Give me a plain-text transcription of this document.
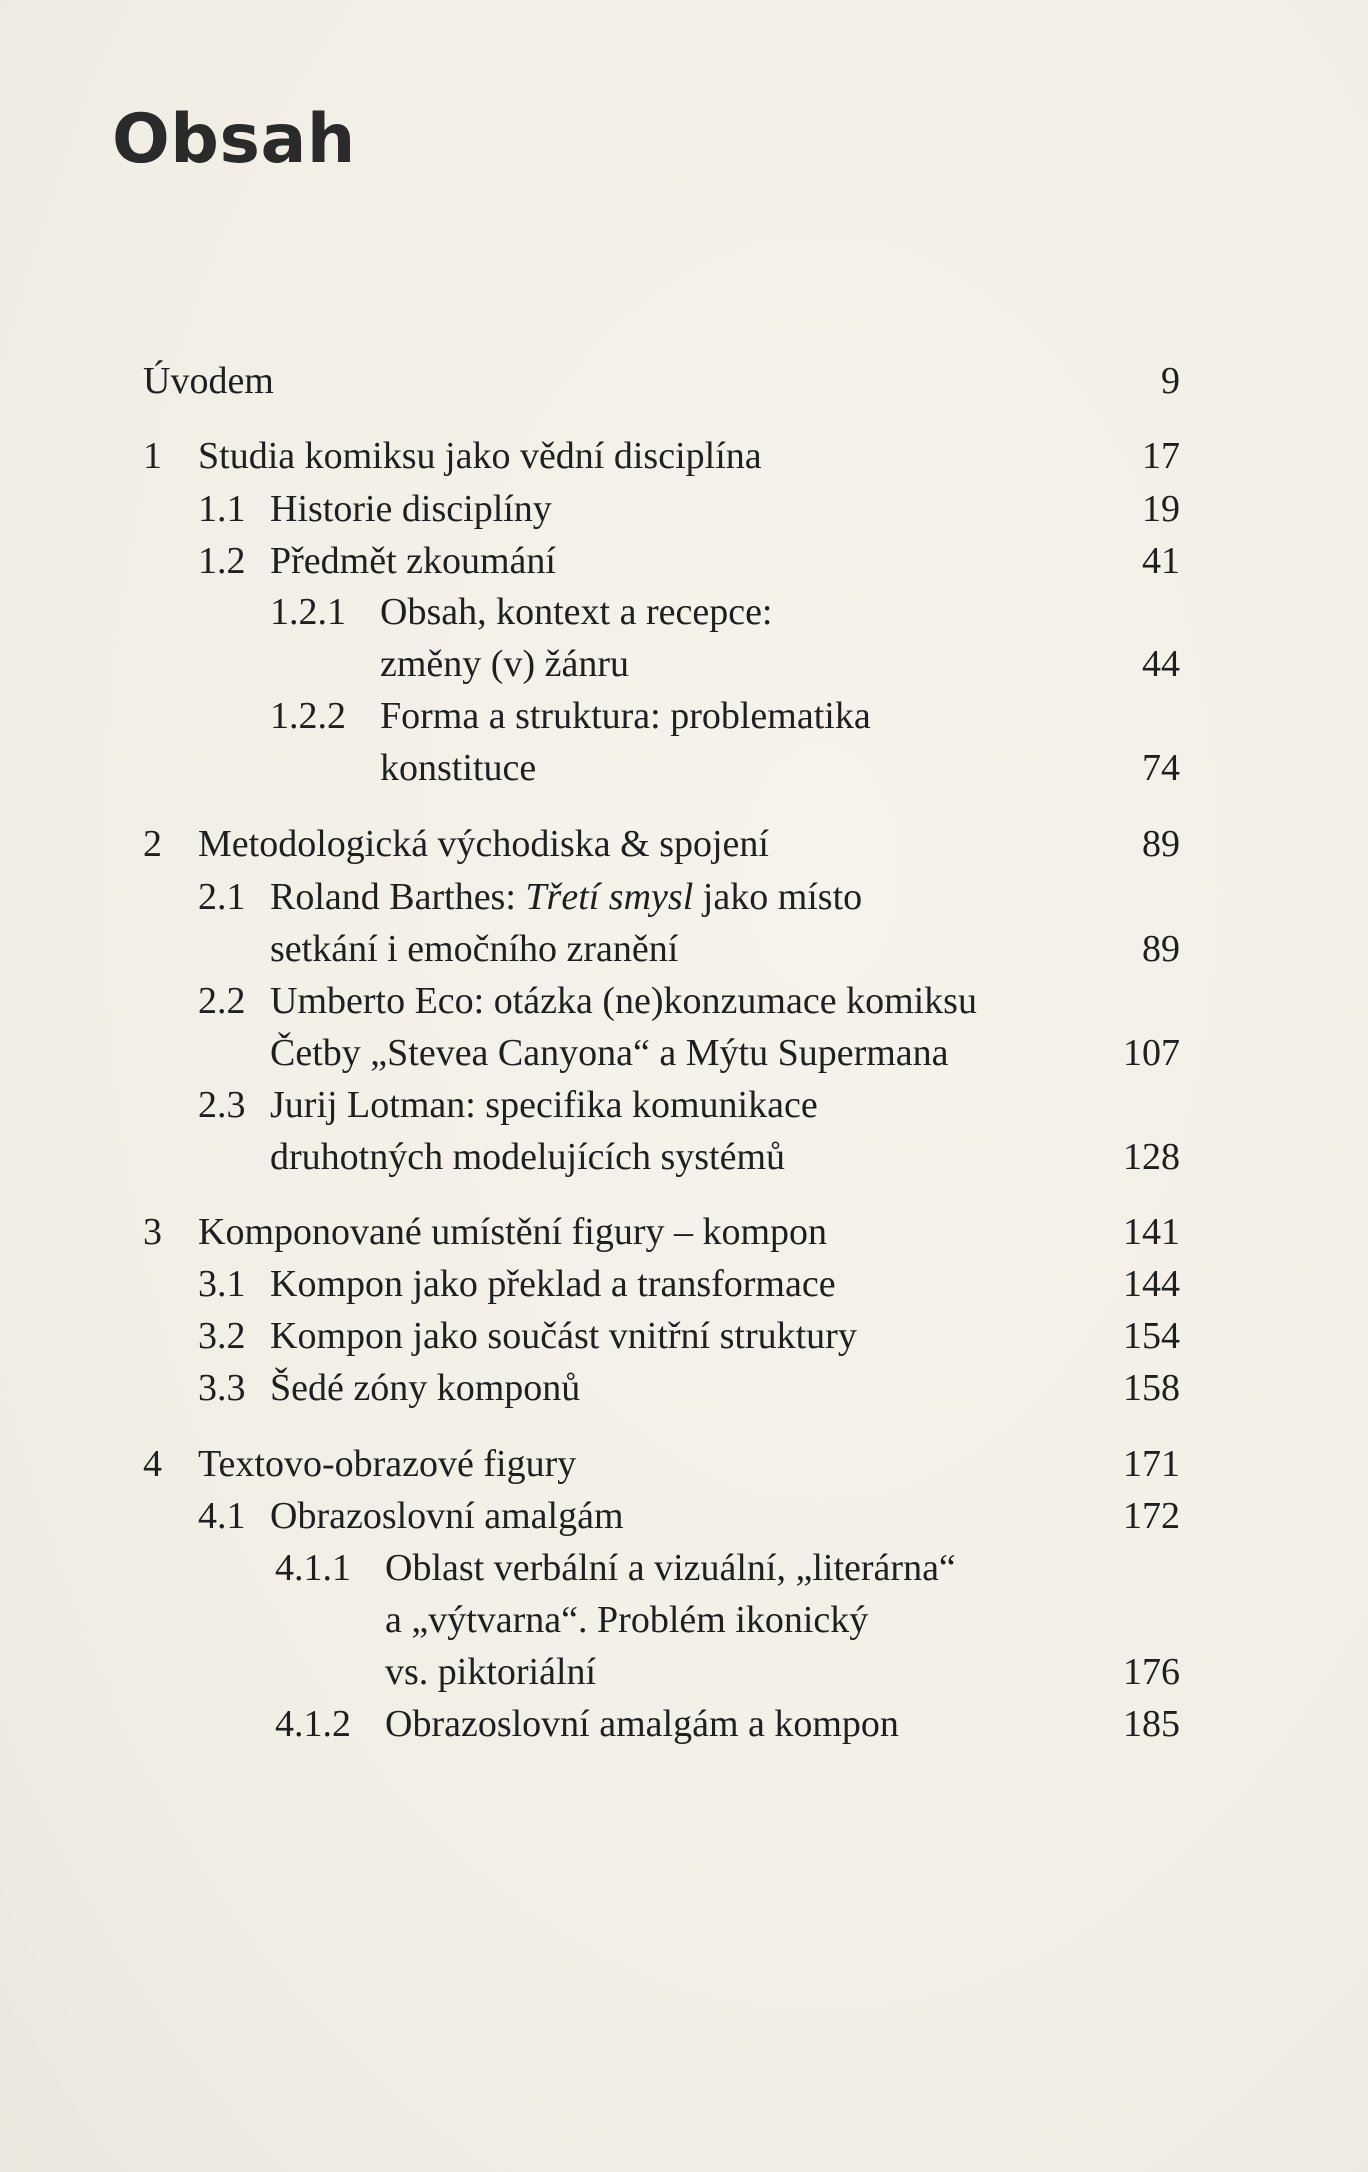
Obsah
Úvodem	9
1 Studia komiksu jako vědní disciplína	17
1.1 Historie disciplíny	19
1.2 Předmět zkoumání	41
1.2.1 Obsah, kontext a recepce:
změny (v) žánru	44
1.2.2 Forma a struktura: problematika
konstituce	74
2 Metodologická východiska & spojení	89
2.1 Roland Barthes: Třetí smysl jako místo
setkání i emočního zranění	89
2.2 Umberto Eco: otázka (ne)konzumace komiksu
Četby „Stevea Canyona“ a Mýtu Supermana	107
2.3 Jurij Lotman: specifika komunikace
druhotných modelujících systémů	128
3 Komponované umístění figury – kompon	141
3.1 Kompon jako překlad a transformace	144
3.2 Kompon jako součást vnitřní struktury	154
3.3 Šedé zóny komponů	158
4 Textovo-obrazové figury	171
4.1 Obrazoslovní amalgám	172
4.1.1 Oblast verbální a vizuální, „literárna“
a „výtvarna“. Problém ikonický
vs. piktoriální	176
4.1.2 Obrazoslovní amalgám a kompon	185
